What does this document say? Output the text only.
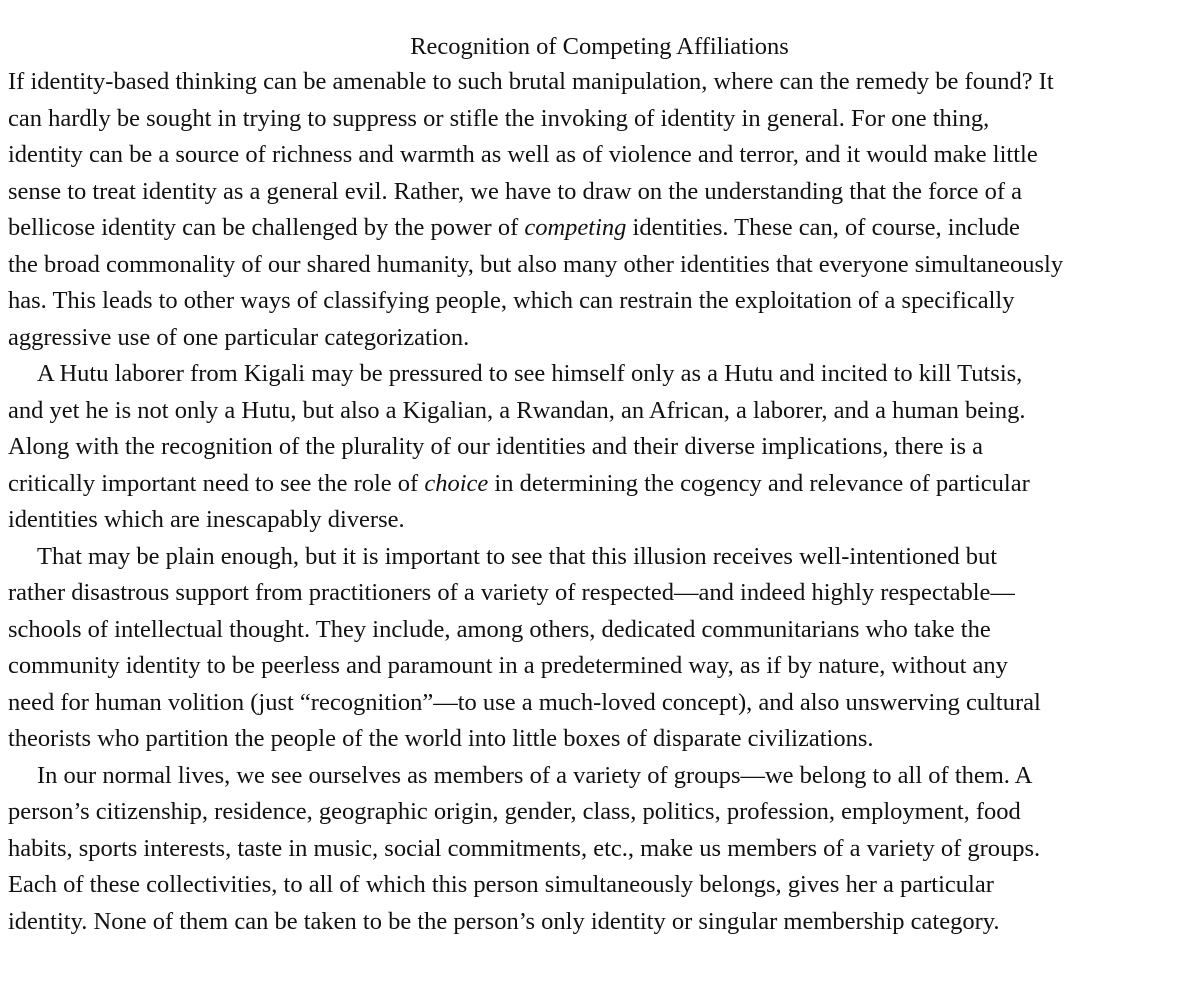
Recognition of Competing Affiliations

If identity-based thinking can be amenable to such brutal manipulation, where can the remedy be found? It
can hardly be sought in trying to suppress or stifle the invoking of identity in general. For one thing,
identity can be a source of richness and warmth as well as of violence and terror, and it would make little
sense to treat identity as a general evil. Rather, we have to draw on the understanding that the force of a
bellicose identity can be challenged by the power of competing identities. These can, of course, include
the broad commonality of our shared humanity, but also many other identities that everyone simultaneously
has. This leads to other ways of classifying people, which can restrain the exploitation of a specifically
aggressive use of one particular categorization.

A Hutu laborer from Kigali may be pressured to see himself only as a Hutu and incited to kill Tutsis,
and yet he is not only a Hutu, but also a Kigalian, a Rwandan, an African, a laborer, and a human being.
Along with the recognition of the plurality of our identities and their diverse implications, there is a
critically important need to see the role of choice in determining the cogency and relevance of particular
identities which are inescapably diverse.

That may be plain enough, but it is important to see that this illusion receives well-intentioned but
rather disastrous support from practitioners of a variety of respected—and indeed highly respectable—
schools of intellectual thought. They include, among others, dedicated communitarians who take the
community identity to be peerless and paramount in a predetermined way, as if by nature, without any
need for human volition (just “recognition”—to use a much-loved concept), and also unswerving cultural
theorists who partition the people of the world into little boxes of disparate civilizations.

In our normal lives, we see ourselves as members of a variety of groups—we belong to all of them. A
person’s citizenship, residence, geographic origin, gender, class, politics, profession, employment, food
habits, sports interests, taste in music, social commitments, etc., make us members of a variety of groups.
Each of these collectivities, to all of which this person simultaneously belongs, gives her a particular
identity. None of them can be taken to be the person’s only identity or singular membership category.
